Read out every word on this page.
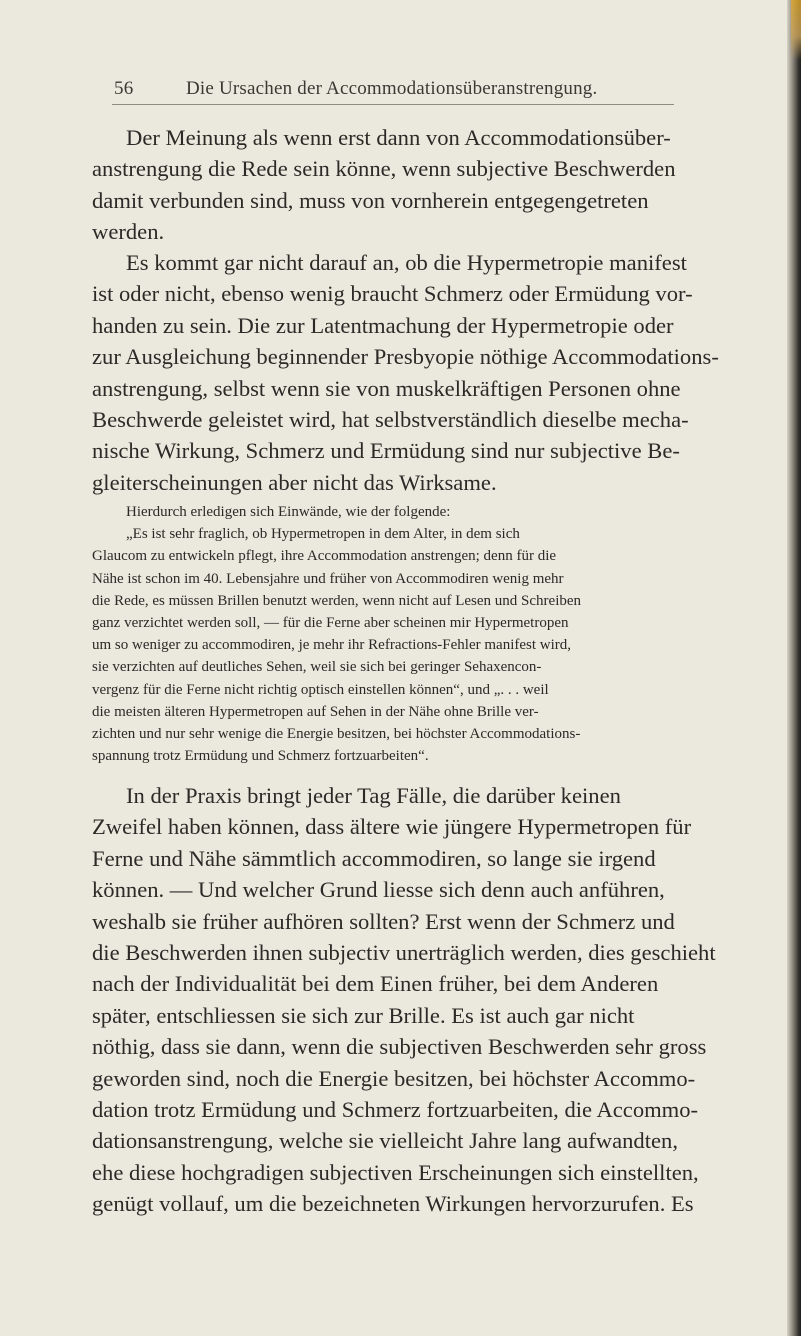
56	Die Ursachen der Accommodationsüberanstrengung.
Der Meinung als wenn erst dann von Accommodationsüber-
anstrengung die Rede sein könne, wenn subjective Beschwerden
damit verbunden sind, muss von vornherein entgegengetreten
werden.
Es kommt gar nicht darauf an, ob die Hypermetropie manifest
ist oder nicht, ebenso wenig braucht Schmerz oder Ermüdung vor-
handen zu sein. Die zur Latentmachung der Hypermetropie oder
zur Ausgleichung beginnender Presbyopie nöthige Accommodations-
anstrengung, selbst wenn sie von muskelkräftigen Personen ohne
Beschwerde geleistet wird, hat selbstverständlich dieselbe mecha-
nische Wirkung, Schmerz und Ermüdung sind nur subjective Be-
gleiterscheinungen aber nicht das Wirksame.
Hierdurch erledigen sich Einwände, wie der folgende:
„Es ist sehr fraglich, ob Hypermetropen in dem Alter, in dem sich
Glaucom zu entwickeln pflegt, ihre Accommodation anstrengen; denn für die
Nähe ist schon im 40. Lebensjahre und früher von Accommodiren wenig mehr
die Rede, es müssen Brillen benutzt werden, wenn nicht auf Lesen und Schreiben
ganz verzichtet werden soll, — für die Ferne aber scheinen mir Hypermetropen
um so weniger zu accommodiren, je mehr ihr Refractions-Fehler manifest wird,
sie verzichten auf deutliches Sehen, weil sie sich bei geringer Sehaxencon-
vergenz für die Ferne nicht richtig optisch einstellen können“, und „. . . weil
die meisten älteren Hypermetropen auf Sehen in der Nähe ohne Brille ver-
zichten und nur sehr wenige die Energie besitzen, bei höchster Accommodations-
spannung trotz Ermüdung und Schmerz fortzuarbeiten“.
In der Praxis bringt jeder Tag Fälle, die darüber keinen
Zweifel haben können, dass ältere wie jüngere Hypermetropen für
Ferne und Nähe sämmtlich accommodiren, so lange sie irgend
können. — Und welcher Grund liesse sich denn auch anführen,
weshalb sie früher aufhören sollten? Erst wenn der Schmerz und
die Beschwerden ihnen subjectiv unerträglich werden, dies geschieht
nach der Individualität bei dem Einen früher, bei dem Anderen
später, entschliessen sie sich zur Brille. Es ist auch gar nicht
nöthig, dass sie dann, wenn die subjectiven Beschwerden sehr gross
geworden sind, noch die Energie besitzen, bei höchster Accommo-
dation trotz Ermüdung und Schmerz fortzuarbeiten, die Accommo-
dationsanstrengung, welche sie vielleicht Jahre lang aufwandten,
ehe diese hochgradigen subjectiven Erscheinungen sich einstellten,
genügt vollauf, um die bezeichneten Wirkungen hervorzurufen. Es
